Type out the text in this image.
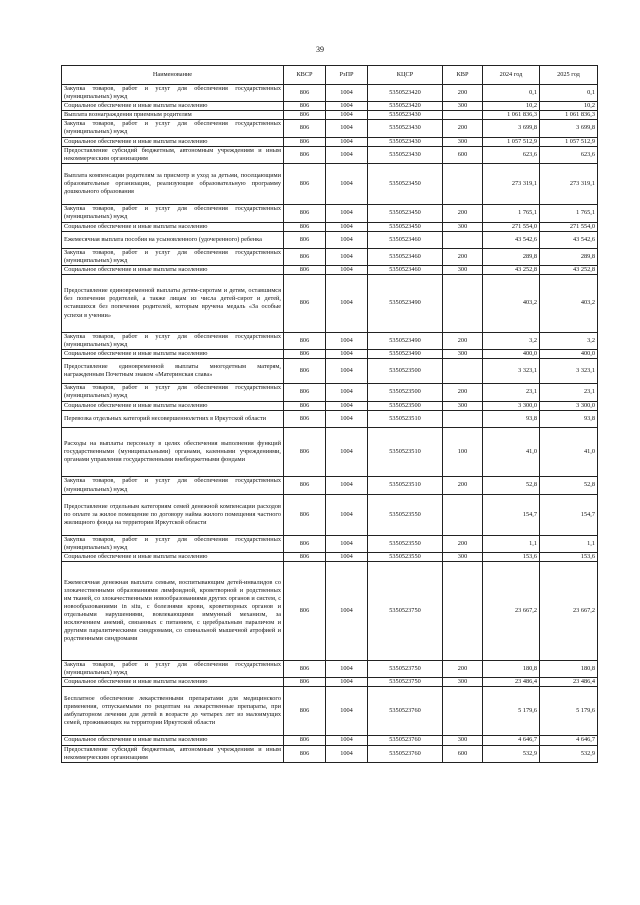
39
Наименование	КВСР	РзПР	КЦСР	КВР	2024 год	2025 год
Закупка товаров, работ и услуг для обеспечения государственных (муниципальных) нужд	806	1004	5350523420	200	0,1	0,1
Социальное обеспечение и иные выплаты населению	806	1004	5350523420	300	10,2	10,2
Выплата вознаграждения приемным родителям	806	1004	5350523430		1 061 836,3	1 061 836,3
Закупка товаров, работ и услуг для обеспечения государственных (муниципальных) нужд	806	1004	5350523430	200	3 699,8	3 699,8
Социальное обеспечение и иные выплаты населению	806	1004	5350523430	300	1 057 512,9	1 057 512,9
Предоставление субсидий бюджетным, автономным учреждениям и иным некоммерческим организациям	806	1004	5350523430	600	623,6	623,6
Выплата компенсации родителям за присмотр и уход за детьми, посещающими образовательные организации, реализующие образовательную программу дошкольного образования	806	1004	5350523450		273 319,1	273 319,1
Закупка товаров, работ и услуг для обеспечения государственных (муниципальных) нужд	806	1004	5350523450	200	1 765,1	1 765,1
Социальное обеспечение и иные выплаты населению	806	1004	5350523450	300	271 554,0	271 554,0
Ежемесячная выплата пособия на усыновленного (удочеренного) ребенка	806	1004	5350523460		43 542,6	43 542,6
Закупка товаров, работ и услуг для обеспечения государственных (муниципальных) нужд	806	1004	5350523460	200	289,8	289,8
Социальное обеспечение и иные выплаты населению	806	1004	5350523460	300	43 252,8	43 252,8
Предоставление единовременной выплаты детям-сиротам и детям, оставшимся без попечения родителей, а также лицам из числа детей-сирот и детей, оставшихся без попечения родителей, которым вручена медаль «За особые успехи в учении»	806	1004	5350523490		403,2	403,2
Закупка товаров, работ и услуг для обеспечения государственных (муниципальных) нужд	806	1004	5350523490	200	3,2	3,2
Социальное обеспечение и иные выплаты населению	806	1004	5350523490	300	400,0	400,0
Предоставление единовременной выплаты многодетным матерям, награжденным Почетным знаком «Материнская слава»	806	1004	5350523500		3 323,1	3 323,1
Закупка товаров, работ и услуг для обеспечения государственных (муниципальных) нужд	806	1004	5350523500	200	23,1	23,1
Социальное обеспечение и иные выплаты населению	806	1004	5350523500	300	3 300,0	3 300,0
Перевозка отдельных категорий несовершеннолетних в Иркутской области	806	1004	5350523510		93,8	93,8
Расходы на выплаты персоналу в целях обеспечения выполнения функций государственными (муниципальными) органами, казенными учреждениями, органами управления государственными внебюджетными фондами	806	1004	5350523510	100	41,0	41,0
Закупка товаров, работ и услуг для обеспечения государственных (муниципальных) нужд	806	1004	5350523510	200	52,8	52,8
Предоставление отдельным категориям семей денежной компенсации расходов по оплате за жилое помещение по договору найма жилого помещения частного жилищного фонда на территории Иркутской области	806	1004	5350523550		154,7	154,7
Закупка товаров, работ и услуг для обеспечения государственных (муниципальных) нужд	806	1004	5350523550	200	1,1	1,1
Социальное обеспечение и иные выплаты населению	806	1004	5350523550	300	153,6	153,6
Ежемесячная денежная выплата семьям, воспитывающим детей-инвалидов со злокачественными образованиями лимфоидной, кроветворной и родственных им тканей, со злокачественными новообразованиями других органов и систем, с новообразованиями in situ, с болезнями крови, кроветворных органов и отдельными нарушениями, вовлекающими иммунный механизм, за исключением анемий, связанных с питанием, с церебральным параличом и другими паралитическими синдромами, со спинальной мышечной атрофией и родственными синдромами	806	1004	5350523750		23 667,2	23 667,2
Закупка товаров, работ и услуг для обеспечения государственных (муниципальных) нужд	806	1004	5350523750	200	180,8	180,8
Социальное обеспечение и иные выплаты населению	806	1004	5350523750	300	23 486,4	23 486,4
Бесплатное обеспечение лекарственными препаратами для медицинского применения, отпускаемыми по рецептам на лекарственные препараты, при амбулаторном лечении для детей в возрасте до четырех лет из малоимущих семей, проживающих на территории Иркутской области	806	1004	5350523760		5 179,6	5 179,6
Социальное обеспечение и иные выплаты населению	806	1004	5350523760	300	4 646,7	4 646,7
Предоставление субсидий бюджетным, автономным учреждениям и иным некоммерческим организациям	806	1004	5350523760	600	532,9	532,9
